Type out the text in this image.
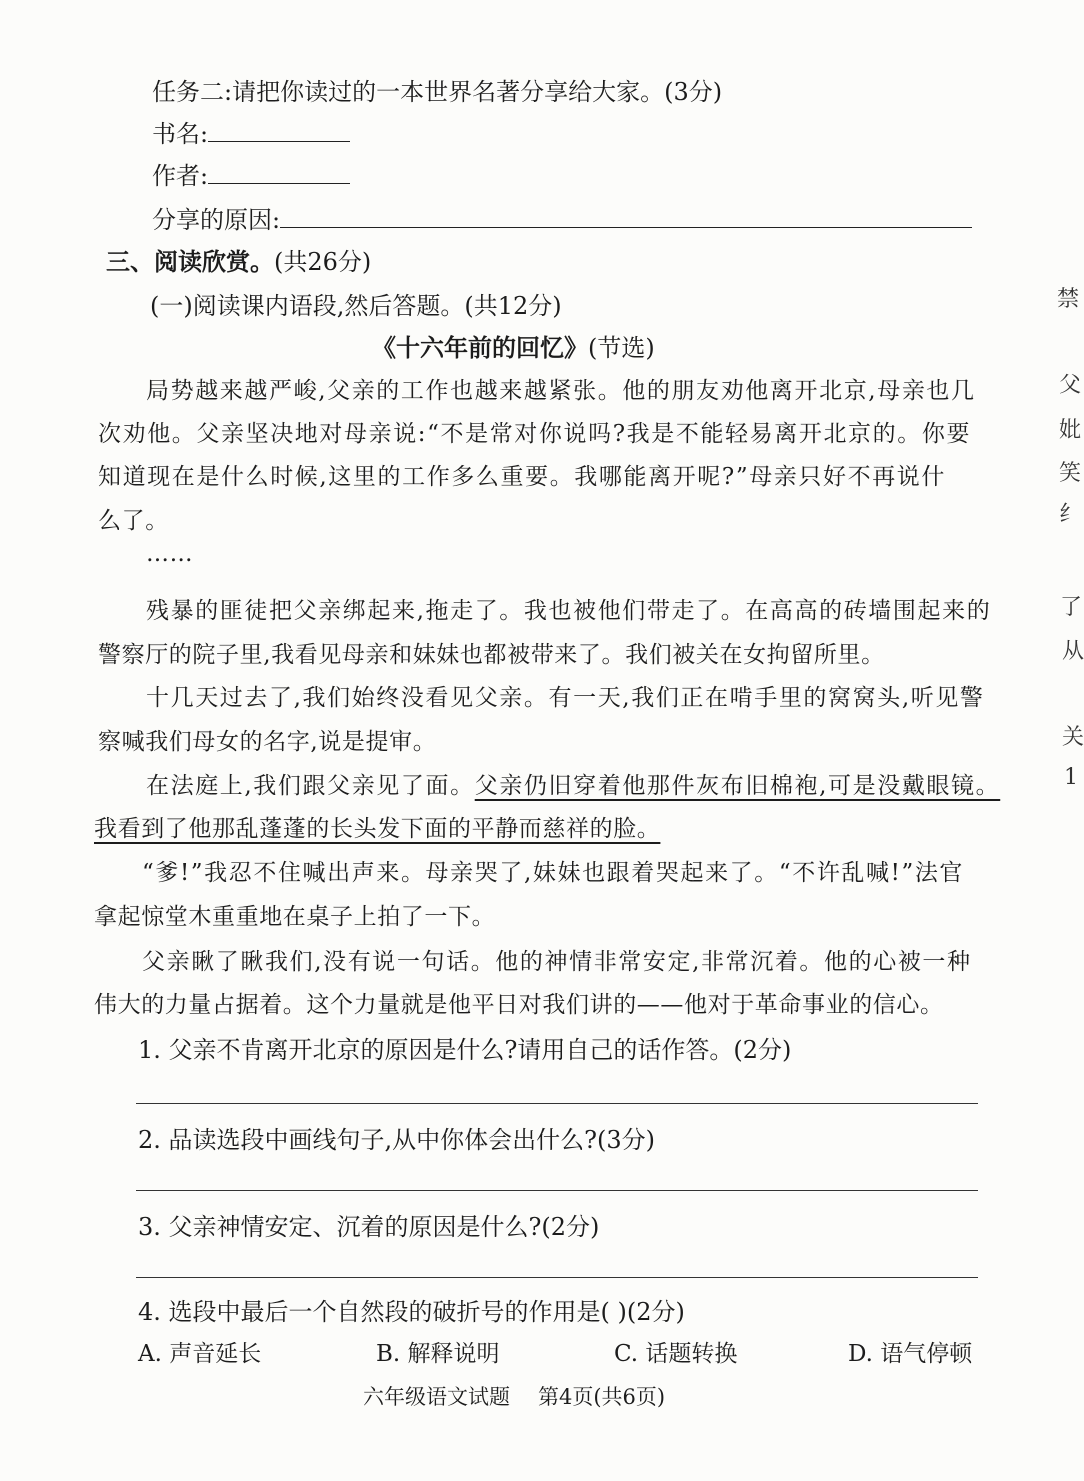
任务二:请把你读过的一本世界名著分享给大家。(3分)
书名:
作者:
分享的原因:
三、阅读欣赏。(共26分)
(一)阅读课内语段,然后答题。(共12分)
《十六年前的回忆》(节选)
局势越来越严峻,父亲的工作也越来越紧张。他的朋友劝他离开北京,母亲也几
次劝他。父亲坚决地对母亲说:“不是常对你说吗?我是不能轻易离开北京的。你要
知道现在是什么时候,这里的工作多么重要。我哪能离开呢?”母亲只好不再说什
么了。
……
残暴的匪徒把父亲绑起来,拖走了。我也被他们带走了。在高高的砖墙围起来的
警察厅的院子里,我看见母亲和妹妹也都被带来了。我们被关在女拘留所里。
十几天过去了,我们始终没看见父亲。有一天,我们正在啃手里的窝窝头,听见警
察喊我们母女的名字,说是提审。
在法庭上,我们跟父亲见了面。父亲仍旧穿着他那件灰布旧棉袍,可是没戴眼镜。
我看到了他那乱蓬蓬的长头发下面的平静而慈祥的脸。
“爹!”我忍不住喊出声来。母亲哭了,妹妹也跟着哭起来了。“不许乱喊!”法官
拿起惊堂木重重地在桌子上拍了一下。
父亲瞅了瞅我们,没有说一句话。他的神情非常安定,非常沉着。他的心被一种
伟大的力量占据着。这个力量就是他平日对我们讲的——他对于革命事业的信心。
1. 父亲不肯离开北京的原因是什么?请用自己的话作答。(2分)
2. 品读选段中画线句子,从中你体会出什么?(3分)
3. 父亲神情安定、沉着的原因是什么?(2分)
4. 选段中最后一个自然段的破折号的作用是( )(2分)
A. 声音延长	B. 解释说明	C. 话题转换	D. 语气停顿
六年级语文试题 第4页(共6页)
禁
父
妣
笑
纟
了
从
关
1
